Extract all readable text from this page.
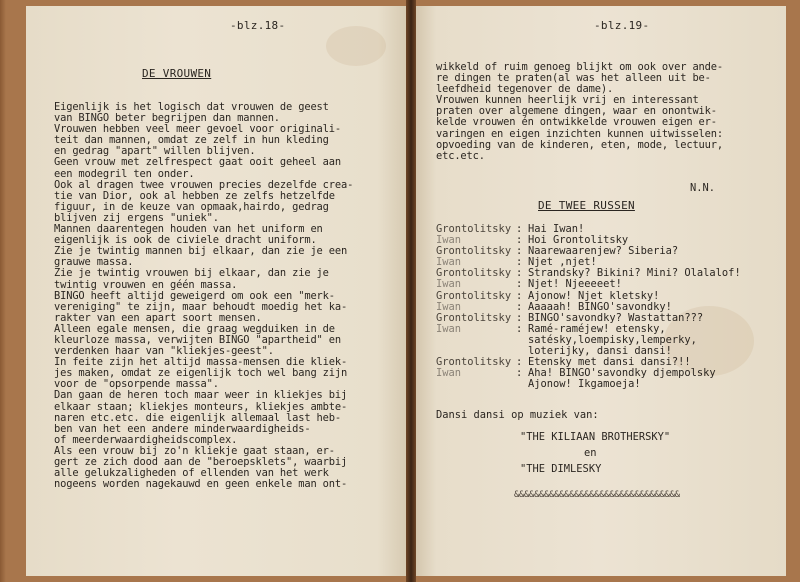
-blz.18-
DE VROUWEN
Eigenlijk is het logisch dat vrouwen de geest
van BINGO beter begrijpen dan mannen.
Vrouwen hebben veel meer gevoel voor originali-
teit dan mannen, omdat ze zelf in hun kleding
en gedrag "apart" willen blijven.
Geen vrouw met zelfrespect gaat ooit geheel aan
een modegril ten onder.
Ook al dragen twee vrouwen precies dezelfde crea-
tie van Dior, ook al hebben ze zelfs hetzelfde
figuur, in de keuze van opmaak,hairdo, gedrag
blijven zij ergens "uniek".
Mannen daarentegen houden van het uniform en
eigenlijk is ook de civiele dracht uniform.
Zie je twintig mannen bij elkaar, dan zie je een
grauwe massa.
Zie je twintig vrouwen bij elkaar, dan zie je
twintig vrouwen en géén massa.
BINGO heeft altijd geweigerd om ook een "merk-
vereniging" te zijn, maar behoudt moedig het ka-
rakter van een apart soort mensen.
Alleen egale mensen, die graag wegduiken in de
kleurloze massa, verwijten BINGO "apartheid" en
verdenken haar van "kliekjes-geest".
In feite zijn het altijd massa-mensen die kliek-
jes maken, omdat ze eigenlijk toch wel bang zijn
voor de "opsorpende massa".
Dan gaan de heren toch maar weer in kliekjes bij
elkaar staan; kliekjes monteurs, kliekjes ambte-
naren etc.etc. die eigenlijk allemaal last heb-
ben van het een andere minderwaardigheids-
of meerderwaardigheidscomplex.
Als een vrouw bij zo'n kliekje gaat staan, er-
gert ze zich dood aan de "beroepsklets", waarbij
alle gelukzaligheden of ellenden van het werk
nogeens worden nagekauwd en geen enkele man ont-
-blz.19-
wikkeld of ruim genoeg blijkt om ook over ande-
re dingen te praten(al was het alleen uit be-
leefdheid tegenover de dame).
Vrouwen kunnen heerlijk vrij en interessant
praten over algemene dingen, waar en onontwik-
kelde vrouwen én ontwikkelde vrouwen eigen er-
varingen en eigen inzichten kunnen uitwisselen:
opvoeding van de kinderen, eten, mode, lectuur,
etc.etc.
N.N.
DE TWEE RUSSEN
Grontolitsky : Hai Iwan!
Iwan	: Hoi Grontolitsky
Grontolitsky : Naarewaarenjew? Siberia?
Iwan	: Njet ,njet!
Grontolitsky : Strandsky? Bikini? Mini? Olalalof!
Iwan	: Njet! Njeeeeet!
Grontolitsky : Ajonow! Njet kletsky!
Iwan	: Aaaaah! BINGO'savondky!
Grontolitsky : BINGO'savondky? Wastattan???
Iwan	: Ramé-raméjew! etensky,

satésky,loempisky,lemperky,

loterijky, dansi dansi!
Grontolitsky : Etensky met dansi dansi?!!
Iwan	: Aha! BINGO'savondky djempolsky

Ajonow! Ikgamoeja!
Dansi dansi op muziek van:
"THE KILIAAN BROTHERSKY"
en
"THE DIMLESKY
&&&&&&&&&&&&&&&&&&&&&&&&&&&&&&&&&
